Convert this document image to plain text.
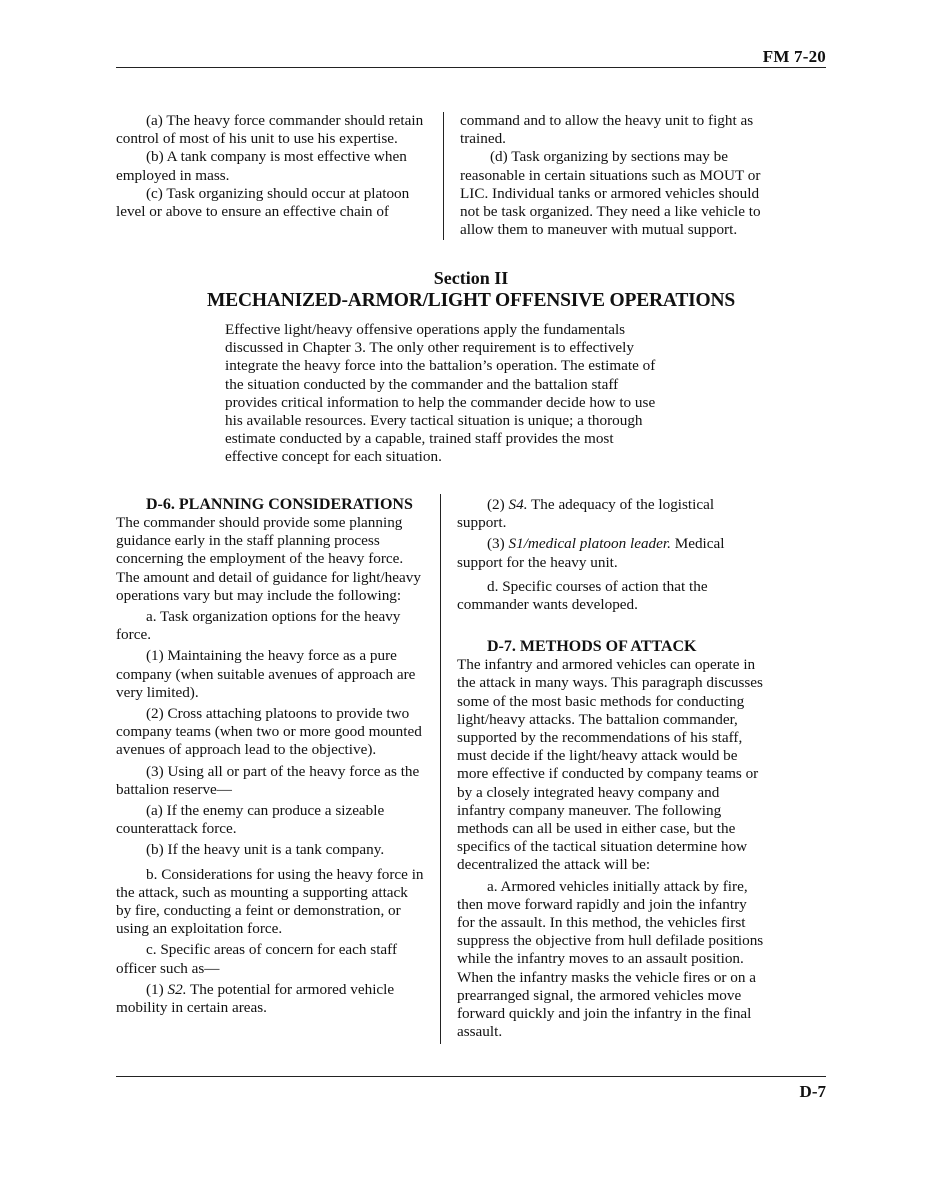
FM 7-20

(a) The heavy force commander should retain control of most of his unit to use his expertise.

(b) A tank company is most effective when employed in mass.

(c) Task organizing should occur at platoon level or above to ensure an effective chain of

command and to allow the heavy unit to fight as trained.

(d) Task organizing by sections may be reasonable in certain situations such as MOUT or LIC. Individual tanks or armored vehicles should not be task organized. They need a like vehicle to allow them to maneuver with mutual support.

Section II
MECHANIZED-ARMOR/LIGHT OFFENSIVE OPERATIONS

Effective light/heavy offensive operations apply the fundamentals discussed in Chapter 3. The only other requirement is to effectively integrate the heavy force into the battalion’s operation. The estimate of the situation conducted by the commander and the battalion staff provides critical information to help the commander decide how to use his available resources. Every tactical situation is unique; a thorough estimate conducted by a capable, trained staff provides the most effective concept for each situation.

D-6. PLANNING CONSIDERATIONS

The commander should provide some planning guidance early in the staff planning process concerning the employment of the heavy force. The amount and detail of guidance for light/heavy operations vary but may include the following:

a. Task organization options for the heavy force.

(1) Maintaining the heavy force as a pure company (when suitable avenues of approach are very limited).

(2) Cross attaching platoons to provide two company teams (when two or more good mounted avenues of approach lead to the objective).

(3) Using all or part of the heavy force as the battalion reserve—

(a) If the enemy can produce a sizeable counterattack force.

(b) If the heavy unit is a tank company.

b. Considerations for using the heavy force in the attack, such as mounting a supporting attack by fire, conducting a feint or demonstration, or using an exploitation force.

c. Specific areas of concern for each staff officer such as—

(1) S2. The potential for armored vehicle mobility in certain areas.

(2) S4. The adequacy of the logistical support.

(3) S1/medical platoon leader. Medical support for the heavy unit.

d. Specific courses of action that the commander wants developed.

D-7. METHODS OF ATTACK

The infantry and armored vehicles can operate in the attack in many ways. This paragraph discusses some of the most basic methods for conducting light/heavy attacks. The battalion commander, supported by the recommendations of his staff, must decide if the light/heavy attack would be more effective if conducted by company teams or by a closely integrated heavy company and infantry company maneuver. The following methods can all be used in either case, but the specifics of the tactical situation determine how decentralized the attack will be:

a. Armored vehicles initially attack by fire, then move forward rapidly and join the infantry for the assault. In this method, the vehicles first suppress the objective from hull defilade positions while the infantry moves to an assault position. When the infantry masks the vehicle fires or on a prearranged signal, the armored vehicles move forward quickly and join the infantry in the final assault.

D-7
